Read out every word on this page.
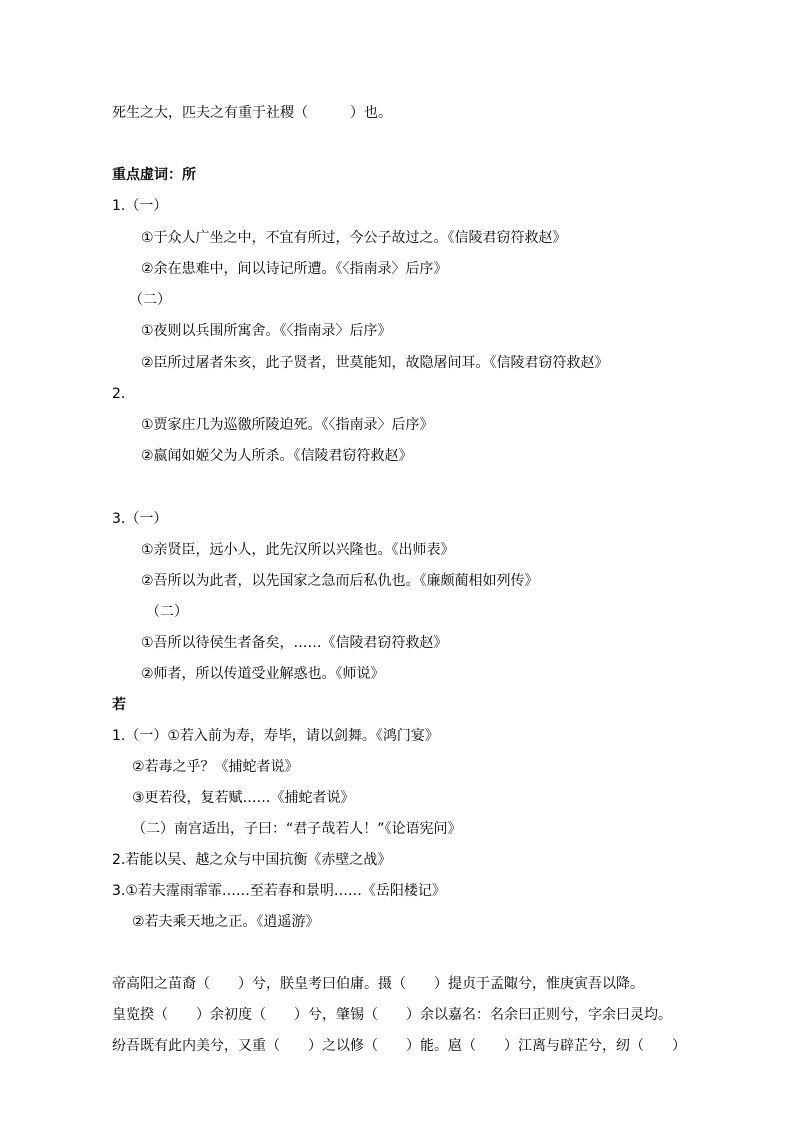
死生之大，匹夫之有重于社稷（　　　）也。
重点虚词：所
1.（一）
①于众人广坐之中，不宜有所过，今公子故过之。《信陵君窃符救赵》
②余在患难中，间以诗记所遭。《〈指南录〉后序》
（二）
①夜则以兵围所寓舍。《〈指南录〉后序》
②臣所过屠者朱亥，此子贤者，世莫能知，故隐屠间耳。《信陵君窃符救赵》
2.
①贾家庄几为巡徼所陵迫死。《〈指南录〉后序》
②嬴闻如姬父为人所杀。《信陵君窃符救赵》
3.（一）
①亲贤臣，远小人，此先汉所以兴隆也。《出师表》
②吾所以为此者，以先国家之急而后私仇也。《廉颇蔺相如列传》
（二）
①吾所以待侯生者备矣，……《信陵君窃符救赵》
②师者，所以传道受业解惑也。《师说》
若
1.（一）①若入前为寿，寿毕，请以剑舞。《鸿门宴》
②若毒之乎？《捕蛇者说》
③更若役，复若赋……《捕蛇者说》
（二）南宫适出，子曰：“君子哉若人！”《论语宪问》
2.若能以吴、越之众与中国抗衡《赤壁之战》
3.①若夫霪雨霏霏……至若春和景明……《岳阳楼记》
②若夫乘天地之正。《逍遥游》
帝高阳之苗裔（　　）兮，朕皇考曰伯庸。摄（　　）提贞于孟陬兮，惟庚寅吾以降。
皇览揆（　　）余初度（　　）兮，肇锡（　　）余以嘉名：名余曰正则兮，字余曰灵均。
纷吾既有此内美兮，又重（　　）之以修（　　）能。扈（　　）江离与辟芷兮，纫（　　）
